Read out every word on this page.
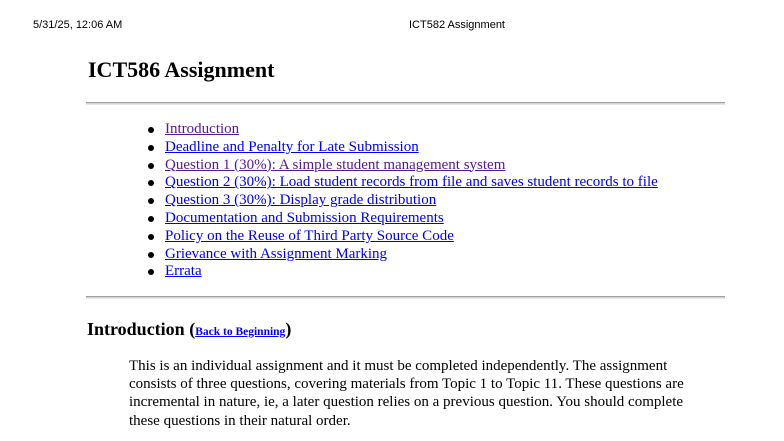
5/31/25, 12:06 AM	ICT582 Assignment
ICT586 Assignment
Introduction
Deadline and Penalty for Late Submission
Question 1 (30%): A simple student management system
Question 2 (30%): Load student records from file and saves student records to file
Question 3 (30%): Display grade distribution
Documentation and Submission Requirements
Policy on the Reuse of Third Party Source Code
Grievance with Assignment Marking
Errata
Introduction (Back to Beginning)

This is an individual assignment and it must be completed independently. The assignment
consists of three questions, covering materials from Topic 1 to Topic 11. These questions are
incremental in nature, ie, a later question relies on a previous question. You should complete
these questions in their natural order.
